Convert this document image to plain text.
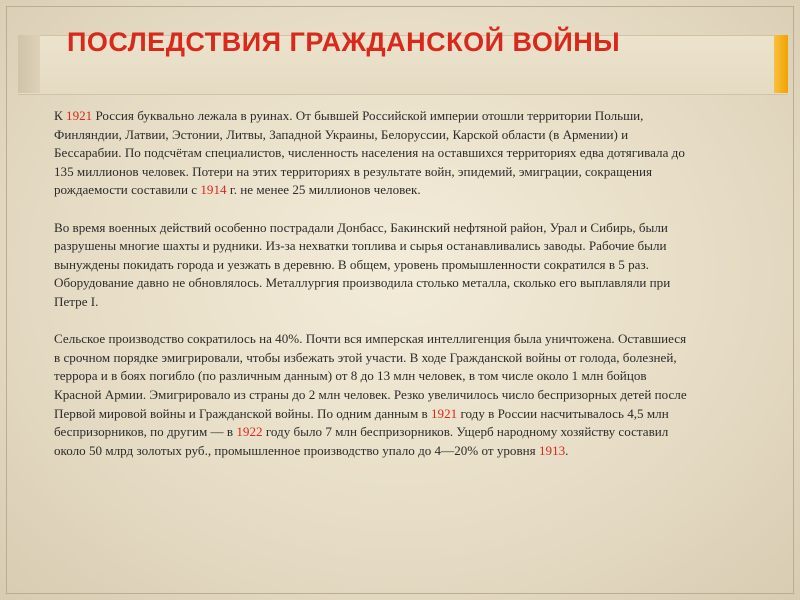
ПОСЛЕДСТВИЯ ГРАЖДАНСКОЙ ВОЙНЫ

К 1921 Россия буквально лежала в руинах. От бывшей Российской империи отошли территории Польши, Финляндии, Латвии, Эстонии, Литвы, Западной Украины, Белоруссии, Карской области (в Армении) и Бессарабии. По подсчётам специалистов, численность населения на оставшихся территориях едва дотягивала до 135 миллионов человек. Потери на этих территориях в результате войн, эпидемий, эмиграции, сокращения рождаемости составили с 1914 г. не менее 25 миллионов человек.

Во время военных действий особенно пострадали Донбасс, Бакинский нефтяной район, Урал и Сибирь, были разрушены многие шахты и рудники. Из-за нехватки топлива и сырья останавливались заводы. Рабочие были вынуждены покидать города и уезжать в деревню. В общем, уровень промышленности сократился в 5 раз. Оборудование давно не обновлялось. Металлургия производила столько металла, сколько его выплавляли при Петре I.

Сельское производство сократилось на 40%. Почти вся имперская интеллигенция была уничтожена. Оставшиеся в срочном порядке эмигрировали, чтобы избежать этой участи. В ходе Гражданской войны от голода, болезней, террора и в боях погибло (по различным данным) от 8 до 13 млн человек, в том числе около 1 млн бойцов Красной Армии. Эмигрировало из страны до 2 млн человек. Резко увеличилось число беспризорных детей после Первой мировой войны и Гражданской войны. По одним данным в 1921 году в России насчитывалось 4,5 млн беспризорников, по другим — в 1922 году было 7 млн беспризорников. Ущерб народному хозяйству составил около 50 млрд золотых руб., промышленное производство упало до 4—20% от уровня 1913.
